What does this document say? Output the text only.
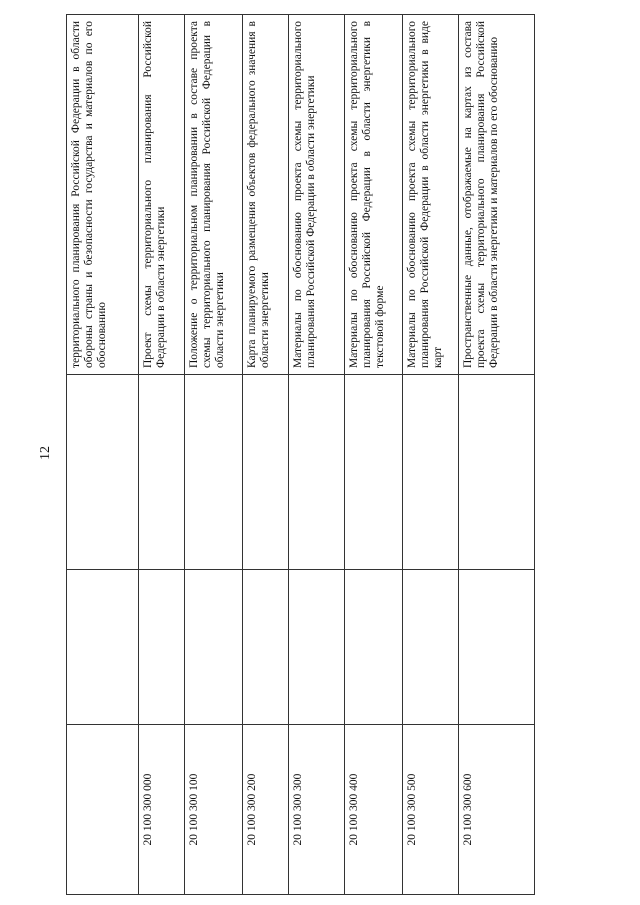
12
			территориального планирования Российской Федерации в области обороны страны и безопасности государства и материалов по его обоснованию
20 100 300 000			Проект схемы территориального планирования Российской Федерации в области энергетики
20 100 300 100			Положение о территориальном планировании в составе проекта схемы территориального планирования Российской Федерации в области энергетики
20 100 300 200			Карта планируемого размещения объектов федерального значения в области энергетики
20 100 300 300			Материалы по обоснованию проекта схемы территориального планирования Российской Федерации в области энергетики
20 100 300 400			Материалы по обоснованию проекта схемы территориального планирования Российской Федерации в области энергетики в текстовой форме
20 100 300 500			Материалы по обоснованию проекта схемы территориального планирования Российской Федерации в области энергетики в виде карт
20 100 300 600			Пространственные данные, отображаемые на картах из состава проекта схемы территориального планирования Российской Федерации в области энергетики и материалов по его обоснованию
